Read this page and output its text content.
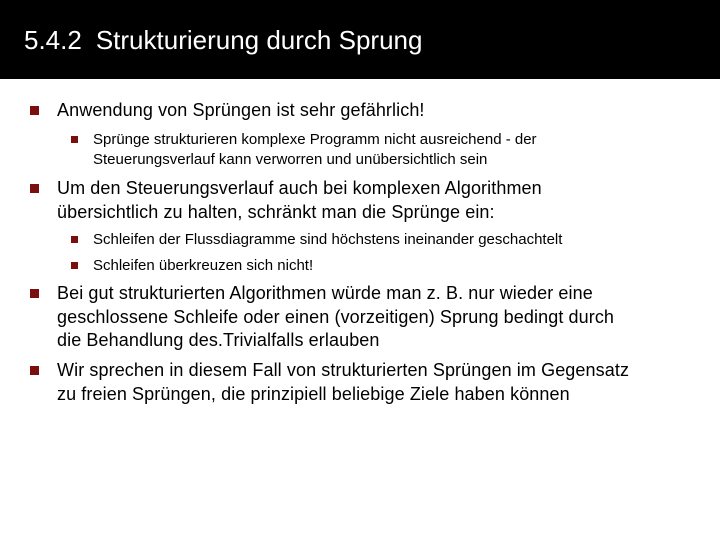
5.4.2 Strukturierung durch Sprung
Anwendung von Sprüngen ist sehr gefährlich!
Sprünge strukturieren komplexe Programm nicht ausreichend - der
Steuerungsverlauf kann verworren und unübersichtlich sein
Um den Steuerungsverlauf auch bei komplexen Algorithmen
übersichtlich zu halten, schränkt man die Sprünge ein:
Schleifen der Flussdiagramme sind höchstens ineinander geschachtelt
Schleifen überkreuzen sich nicht!
Bei gut strukturierten Algorithmen würde man z. B. nur wieder eine
geschlossene Schleife oder einen (vorzeitigen) Sprung bedingt durch
die Behandlung des.Trivialfalls erlauben
Wir sprechen in diesem Fall von strukturierten Sprüngen im Gegensatz
zu freien Sprüngen, die prinzipiell beliebige Ziele haben können
